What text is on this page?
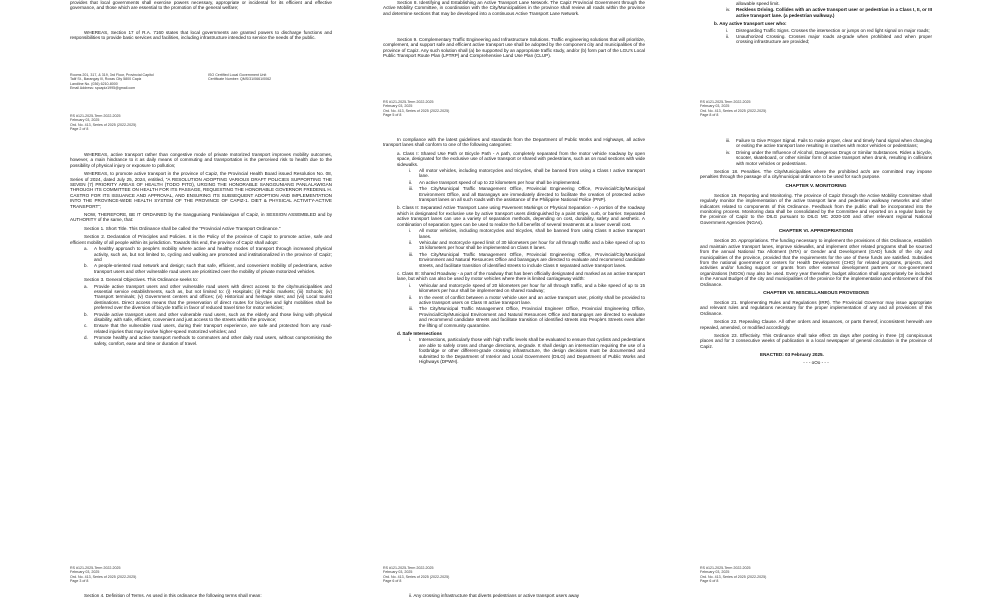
provides that local governments shall exercise powers necessary, appropriate or incidental for its efficient and effective governance, and those which are essential to the promotion of the general welfare;

WHEREAS, Section 17 of R.A. 7160 states that local governments are granted powers to discharge functions and responsibilities to provide basic services and facilities, including infrastructure intended to service the needs of the public.

Rooms 201, 317, & 319, 3rd Floor, Provincial Capitol
Talif St., Barangay Ill, Roxas City 5800 Capiz
Landline No. (036) 6210-8000
Email Address: spcapiz1995@gmail.com
ISO Certified Local Government Unit
Certificate Number: QMS/31/0661/0062
RS #121-2025-Term 2022-2025
February 03, 2025
Ord. No. 413, Series of 2025 (2022-2025)
Page 2 of 8

WHEREAS, active transport rather than congestive mode of private motorized transport improves mobility outcomes, however, a main hindrance to it as daily means of commuting and transportation is the perceived risk to health due to the possibility of physical injury or exposure to pollution;

WHEREAS, to promote active transport in the province of Capiz, the Provincial Health Board issued Resolution No. 08, Series of 2024, dated July 25, 2024, entitled, "A RESOLUTION ADOPTING VARIOUS DRAFT POLICIES SUPPORTING THE SEVEN (7) PRIORITY AREAS OF HEALTH (TODO PITO), URGING THE HONORABLE SANGGUNIANG PANLALAWIGAN THROUGH ITS COMMITTEE ON HEALTH FOR ITS PASSAGE, REQUESTING THE HONORABLE GOVERNOR FREDENIL H. CASTRO FOR ITS ISSUANCE AND APPROVAL, AND ENSURING ITS SUBSEQUENT ADOPTION AND IMPLEMENTATION INTO THE PROVINCE-WIDE HEALTH SYSTEM OF THE PROVINCE OF CAPIZ-1. DIET & PHYSICAL ACTIVITY-ACTIVE TRANSPORT";

NOW, THEREFORE, BE IT ORDAINED by the Sangguniang Panlalawigan of Capiz, in SESSION ASSEMBLED and by AUTHORITY of the same, that:

Section 1. Short Title. This Ordinance shall be called the "Provincial Active Transport Ordinance."

Section 2. Declaration of Principles and Policies. It is the Policy of the province of Capiz to promote active, safe and efficient mobility of all people within its jurisdiction. Towards this end, the province of Capiz shall adopt:

a.	A healthy approach to people's mobility where active and healthy modes of transport through increased physical activity, such as, but not limited to, cycling and walking are promoted and institutionalized in the province of Capiz; and
b.	A people-oriented road network and design; such that safe, efficient, and convenient mobility of pedestrians, active transport users and other vulnerable road users are prioritized over the mobility of private motorized vehicles.

Section 3. General Objectives. This Ordinance seeks to:

a.	Provide active transport users and other vulnerable road users with direct access to the city/municipalities and essential service establishments, such as, but not limited to: (i) Hospitals; (ii) Public markets; (iii) Schools; (iv) Transport terminals; (v) Government centers and offices; (vi) Historical and heritage sites; and (vii) Local tourist destinations. Direct access means that the preservation of direct routes for bicycles and light mobilities shall be preferred over the diversion of bicycle traffic in favor of reduced travel time for motor vehicles;
b.	Provide active transport users and other vulnerable road users, such as the elderly and those living with physical disability, with safe, efficient, convenient and just access to the streets within the province;
c.	Ensure that the vulnerable road users, during their transport experience, are safe and protected from any road-related injuries that may involve higher-speed motorized vehicles; and
d.	Promote healthy and active transport methods to commuters and other daily road users, without compromising the safety, comfort, ease and time or duration of travel.
RS #121-2025-Term 2022-2025
February 03, 2025
Ord. No. 413, Series of 2025 (2022-2025)
Page 3 of 8

Section 4. Definition of Terms. As used in this ordinance the following terms shall mean:

Section 8. Identifying and Establishing an Active Transport Lane Network. The Capiz Provincial Government through the Active Mobility Committee, in coordination with the City/Municipalities in the province shall review all roads within the province and determine sections that may be developed into a continuous Active Transport Lane Network.

Section 9. Complementary Traffic Engineering and Infrastructure Solutions. Traffic engineering solutions that will prioritize, complement, and support safe and efficient active transport use shall be adopted by the component city and municipalities of the province of Capiz. Any such solution shall (a) be supported by an appropriate traffic study, and/or (b) form part of the LGU's Local Public Transport Route Plan (LPTRP) and Comprehensive Land Use Plan (CLUP).

RS #121-2025-Term 2022-2025
February 03, 2025
Ord. No. 413, Series of 2025 (2022-2025)
Page 5 of 8

In compliance with the latest guidelines and standards from the Department of Public Works and Highways, all active transport lanes shall conform to one of the following categories:

a. Class I: Shared Use Path or Bicycle Path - A path, completely separated from the motor vehicle roadway by open space, designated for the exclusive use of active transport or shared with pedestrians, such as on road sections with wide sidewalks.

i.	All motor vehicles, including motorcycles and tricycles, shall be banned from using a Class I active transport lane.
ii.	An active transport speed of up to 22 kilometers per hour shall be implemented.
iii.	The City/Municipal Traffic Management Office, Provincial Engineering Office, Provincial/City/Municipal Environment Office, and all Barangays are immediately directed to facilitate the creation of protected active transport lanes on all such roads with the assistance of the Philippine National Police (PNP).

b. Class II: Separated Active Transport Lane using Pavement Markings or Physical Separation - A portion of the roadway which is designated for exclusive use by active transport users distinguished by a paint stripe, curb, or barrier. Separated active transport lanes can use a variety of separation methods, depending on cost, durability, safety and aesthetic. A combination of separation types can be used to realize the full benefits of several treatments at a lower overall cost.

i.	All motor vehicles, including motorcycles and tricycles, shall be banned from using Class II active transport lanes.
ii.	Vehicular and motorcycle speed limit of 30 kilometers per hour for all through traffic and a bike speed of up to 15 kilometers per hour shall be implemented on Class II lanes.
iii.	The City/Municipal Traffic Management Office, Provincial Engineering Office, Provincial/City/Municipal Environment and Natural Resources Office and barangays are directed to evaluate and recommend candidate streets, and facilitate transition of identified streets to include Class II separated active transport lanes.

c. Class III: Shared Roadway - a part of the roadway that has been officially designated and marked as an active transport lane, but which can also be used by motor vehicles where there is limited carriageway width:

i.	Vehicular and motorcycle speed of 20 kilometers per hour for all through traffic, and a bike speed of up to 15 kilometers per hour shall be implemented on shared roadway;
ii.	In the event of conflict between a motor vehicle user and an active transport user, priority shall be provided to active transport users on Class III active transport lane.
iii.	The City/Municipal Traffic Management Office, Provincial Engineer Office, Provincial Engineering Office, Provincial/City/Municipal Environment and Natural Resources Office and Barangays are directed to evaluate and recommend candidate streets and facilitate transition of identified streets into People's Streets even after the lifting of community quarantine.

d. Safe Intersections

i.	Intersections, particularly those with high traffic levels shall be evaluated to ensure that cyclists and pedestrians are able to safely cross and change directions, at-grade. It shall design an intersection requiring the use of a footbridge or other different-grade crossing infrastructure, the design decisions must be documented and submitted to the Department of Interior and Local Government (DILG) and Department of Public Works and Highways (DPWH).
RS #121-2025-Term 2022-2025
February 03, 2025
Ord. No. 413, Series of 2025 (2022-2025)
Page 6 of 8

ii. Any crossing infrastructure that diverts pedestrians or active transport users away

allowable speed limit.
iv.	Reckless Driving. Collides with an active transport user or pedestrian in a Class I, II, or III active transport lane. (a pedestrian walkway.)

b. Any active transport user who:

i.	Disregarding Traffic Signs. Crosses the intersection or jumps on red light signal on major roads;
ii.	Unauthorized Crossing. Crosses major roads at-grade when prohibited and when proper crossing infrastructure are provided;
RS #121-2025-Term 2022-2025
February 03, 2025
Ord. No. 413, Series of 2025 (2022-2025)
Page 8 of 8
iii.	Failure to Give Proper Signal. Fails to make proper, clear and timely hand signal when changing or exiting the active transport lane resulting in crashes with motor vehicles or pedestrians;
iv.	Driving under the Influence of Alcohol, Dangerous Drugs or Similar Substances. Rides a bicycle, scooter, skateboard, or other similar form of active transport when drunk, resulting in collisions with motor vehicles or pedestrians.

Section 18. Penalties. The City/Municipalities where the prohibited act/s are committed may impose penalties through the passage of a city/municipal ordinance to be used for such purpose.

CHAPTER V. MONITORING

Section 19. Reporting and Monitoring. The province of Capiz through the Active Mobility Committee shall regularly monitor the implementation of the active transport lane and pedestrian walkway networks and other indicators related to components of this Ordinance. Feedback from the public shall be incorporated into the monitoring process. Monitoring data shall be consolidated by the Committee and reported on a regular basis by the province of Capiz to the DILG pursuant to DILG MC 2020-100 and other relevant regional National Government Agencies (NGAs).

CHAPTER VI. APPROPRIATIONS

Section 20. Appropriations. The funding necessary to implement the provisions of this Ordinance, establish and maintain active transport lanes, improve sidewalks, and implement other related programs shall be sourced from the annual National Tax Allotment (NTA) or Gender and Development (GAD) funds of the city and municipalities of the province, provided that the requirements for the use of these funds are satisfied. Subsidies from the national government or centers for Health Development (CHD) for related programs, projects, and activities and/or funding support or grants from other external development partners or non-government organizations (NGOs) may also be used. Every year thereafter, budget allocation shall appropriately be included in the Annual Budget of the city and municipalities of the province for the implementation and enforcement of this Ordinance.

CHAPTER VII. MISCELLANEOUS PROVISIONS

Section 21. Implementing Rules and Regulations (IRR). The Provincial Governor may issue appropriate and relevant rules and regulations necessary for the proper implementation of any and all provisions of this Ordinance.

Section 22. Repealing Clause. All other orders and issuances, or parts thereof, inconsistent herewith are repealed, amended, or modified accordingly.

Section 23. Effectivity. This Ordinance shall take effect 15 days after posting in three (3) conspicuous places and for 3 consecutive weeks of publication in a local newspaper of general circulation in the province of Capiz.

ENACTED: 03 February 2025.

- - - oOo - - -
RS #121-2025-Term 2022-2025
February 03, 2025
Ord. No. 413, Series of 2025 (2022-2025)
Page 6 of 8
